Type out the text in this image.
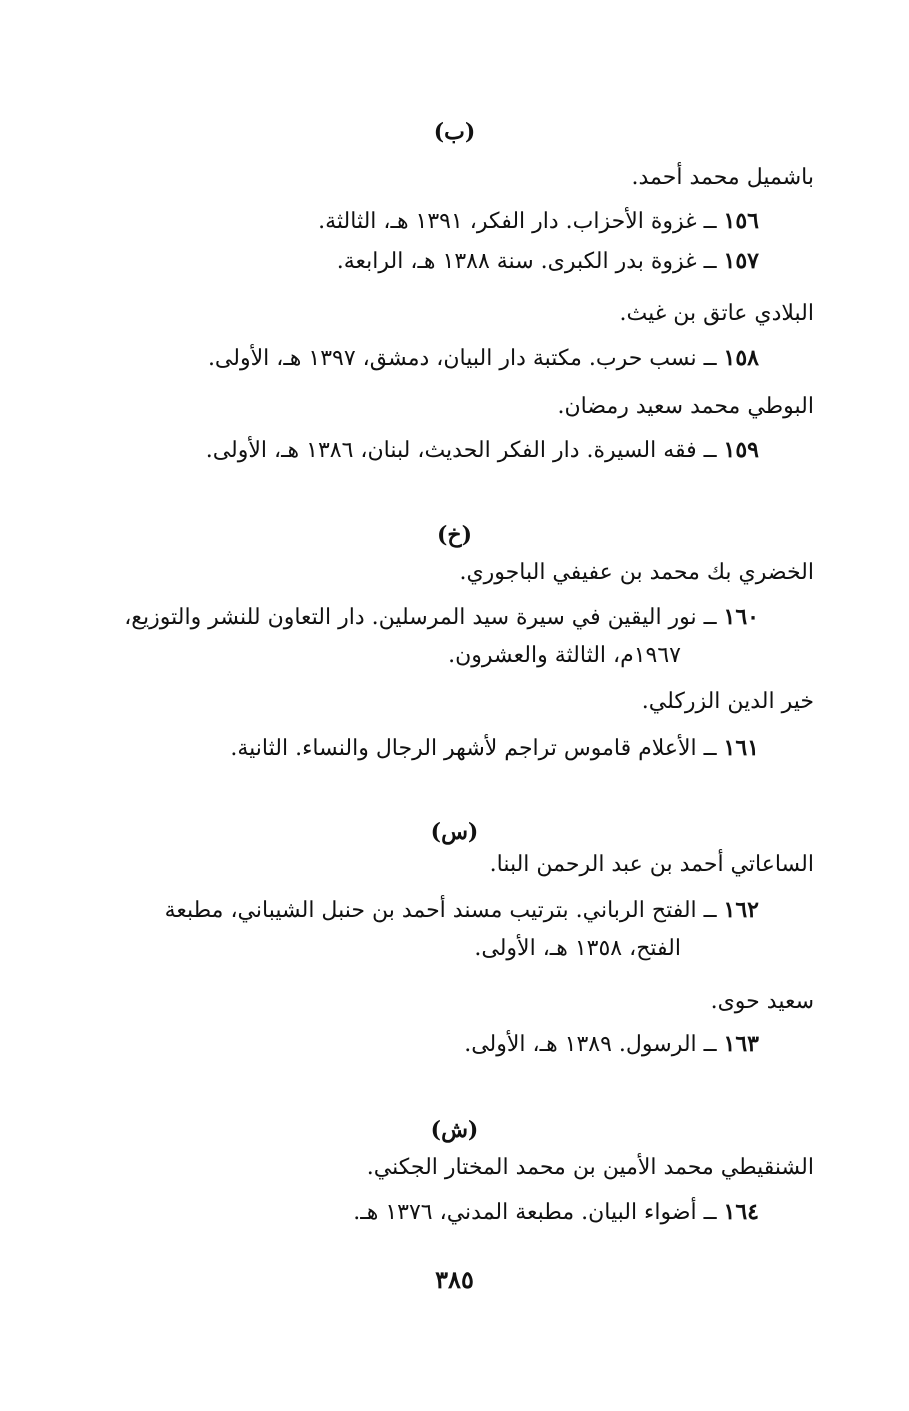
(ب)
باشميل محمد أحمد.
١٥٦ ــ غزوة الأحزاب. دار الفكر، ١٣٩١ هـ، الثالثة.
١٥٧ ــ غزوة بدر الكبرى. سنة ١٣٨٨ هـ، الرابعة.
البلادي عاتق بن غيث.
١٥٨ ــ نسب حرب. مكتبة دار البيان، دمشق، ١٣٩٧ هـ، الأولى.
البوطي محمد سعيد رمضان.
١٥٩ ــ فقه السيرة. دار الفكر الحديث، لبنان، ١٣٨٦ هـ، الأولى.
(خ)
الخضري بك محمد بن عفيفي الباجوري.
١٦٠ ــ نور اليقين في سيرة سيد المرسلين. دار التعاون للنشر والتوزيع،
١٩٦٧م، الثالثة والعشرون.
خير الدين الزركلي.
١٦١ ــ الأعلام قاموس تراجم لأشهر الرجال والنساء. الثانية.
(س)
الساعاتي أحمد بن عبد الرحمن البنا.
١٦٢ ــ الفتح الرباني. بترتيب مسند أحمد بن حنبل الشيباني، مطبعة
الفتح، ١٣٥٨ هـ، الأولى.
سعيد حوى.
١٦٣ ــ الرسول. ١٣٨٩ هـ، الأولى.
(ش)
الشنقيطي محمد الأمين بن محمد المختار الجكني.
١٦٤ ــ أضواء البيان. مطبعة المدني، ١٣٧٦ هـ.
٣٨٥
